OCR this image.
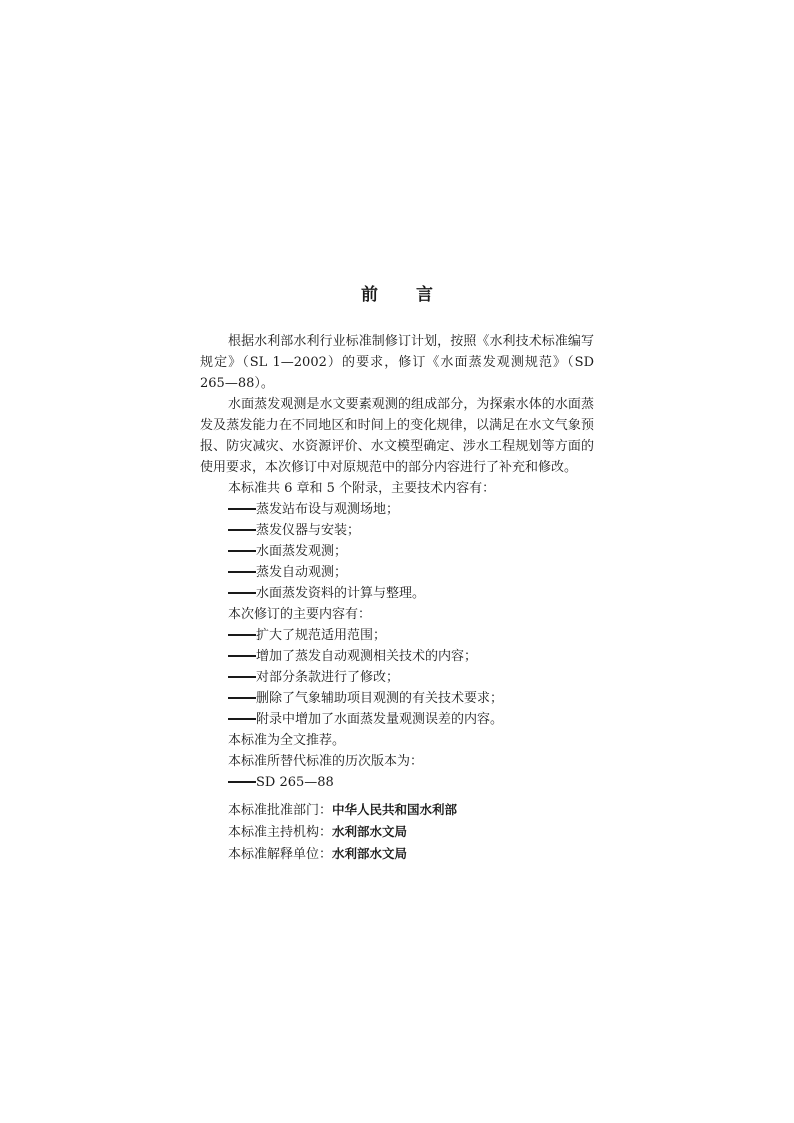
前 言

根据水利部水利行业标准制修订计划，按照《水利技术标准编写规定》（SL 1—2002）的要求，修订《水面蒸发观测规范》（SD 265—88）。

水面蒸发观测是水文要素观测的组成部分，为探索水体的水面蒸发及蒸发能力在不同地区和时间上的变化规律，以满足在水文气象预报、防灾减灾、水资源评价、水文模型确定、涉水工程规划等方面的使用要求，本次修订中对原规范中的部分内容进行了补充和修改。

本标准共 6 章和 5 个附录，主要技术内容有：

蒸发站布设与观测场地；

蒸发仪器与安装；

水面蒸发观测；

蒸发自动观测；

水面蒸发资料的计算与整理。

本次修订的主要内容有：

扩大了规范适用范围；

增加了蒸发自动观测相关技术的内容；

对部分条款进行了修改；

删除了气象辅助项目观测的有关技术要求；

附录中增加了水面蒸发量观测误差的内容。

本标准为全文推荐。

本标准所替代标准的历次版本为：

SD 265—88

本标准批准部门：中华人民共和国水利部

本标准主持机构：水利部水文局

本标准解释单位：水利部水文局
